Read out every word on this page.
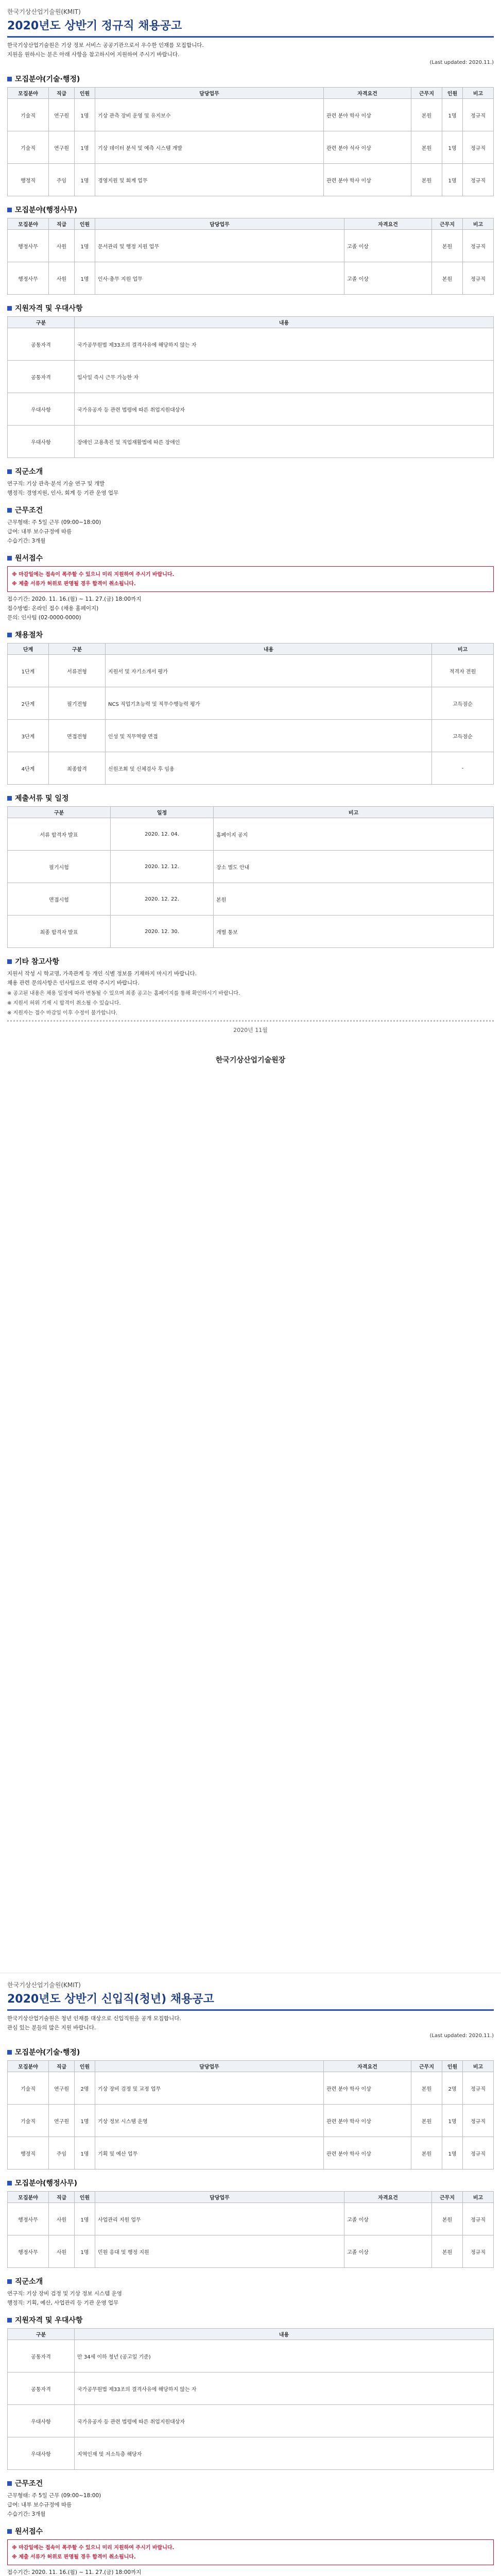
한국기상산업기술원(KMIT)
2020년도 상반기 정규직 채용공고

한국기상산업기술원은 기상 정보 서비스 공공기관으로서 우수한 인재를 모집합니다.

지원을 원하시는 분은 아래 사항을 참고하시어 지원하여 주시기 바랍니다.

(Last updated: 2020.11.)
모집분야(기술·행정)
모집분야	직급	인원	담당업무	자격요건	근무지	인원	비고
기술직	연구원	1명	기상 관측 장비 운영 및 유지보수	관련 분야 학사 이상	본원	1명	정규직
기술직	연구원	1명	기상 데이터 분석 및 예측 시스템 개발	관련 분야 석사 이상	본원	1명	정규직
행정직	주임	1명	경영지원 및 회계 업무	관련 분야 학사 이상	본원	1명	정규직
모집분야(행정사무)
모집분야	직급	인원	담당업무	자격요건	근무지	비고
행정사무	사원	1명	문서관리 및 행정 지원 업무	고졸 이상	본원	정규직
행정사무	사원	1명	인사·총무 지원 업무	고졸 이상	본원	정규직
지원자격 및 우대사항
구분	내용
공통자격	국가공무원법 제33조의 결격사유에 해당하지 않는 자
공통자격	입사일 즉시 근무 가능한 자
우대사항	국가유공자 등 관련 법령에 따른 취업지원대상자
우대사항	장애인 고용촉진 및 직업재활법에 따른 장애인
직군소개

연구직: 기상 관측·분석 기술 연구 및 개발

행정직: 경영지원, 인사, 회계 등 기관 운영 업무

근무조건

근무형태: 주 5일 근무 (09:00~18:00)

급여: 내부 보수규정에 따름

수습기간: 3개월

원서접수

※ 마감일에는 접속이 폭주할 수 있으니 미리 지원하여 주시기 바랍니다.

※ 제출 서류가 허위로 판명될 경우 합격이 취소됩니다.

접수기간: 2020. 11. 16.(월) ~ 11. 27.(금) 18:00까지

접수방법: 온라인 접수 (채용 홈페이지)

문의: 인사팀 (02-0000-0000)

채용절차
단계	구분	내용	비고
1단계	서류전형	지원서 및 자기소개서 평가	적격자 전원
2단계	필기전형	NCS 직업기초능력 및 직무수행능력 평가	고득점순
3단계	면접전형	인성 및 직무역량 면접	고득점순
4단계	최종합격	신원조회 및 신체검사 후 임용	-
제출서류 및 일정
구분	일정	비고
서류 합격자 발표	2020. 12. 04.	홈페이지 공지
필기시험	2020. 12. 12.	장소 별도 안내
면접시험	2020. 12. 22.	본원
최종 합격자 발표	2020. 12. 30.	개별 통보
기타 참고사항

지원서 작성 시 학교명, 가족관계 등 개인 식별 정보를 기재하지 마시기 바랍니다.

채용 관련 문의사항은 인사팀으로 연락 주시기 바랍니다.

※ 공고된 내용은 채용 일정에 따라 변동될 수 있으며 최종 공고는 홈페이지를 통해 확인하시기 바랍니다.

※ 지원서 허위 기재 시 합격이 취소될 수 있습니다.

※ 지원자는 접수 마감일 이후 수정이 불가합니다.

2020년 11월
한국기상산업기술원장
한국기상산업기술원(KMIT)
2020년도 상반기 신입직(청년) 채용공고

한국기상산업기술원은 청년 인재를 대상으로 신입직원을 공개 모집합니다.

관심 있는 분들의 많은 지원 바랍니다.

(Last updated: 2020.11.)
모집분야(기술·행정)
모집분야	직급	인원	담당업무	자격요건	근무지	인원	비고
기술직	연구원	2명	기상 장비 검정 및 교정 업무	관련 분야 학사 이상	본원	2명	정규직
기술직	연구원	1명	기상 정보 시스템 운영	관련 분야 학사 이상	본원	1명	정규직
행정직	주임	1명	기획 및 예산 업무	관련 분야 학사 이상	본원	1명	정규직
모집분야(행정사무)
모집분야	직급	인원	담당업무	자격요건	근무지	비고
행정사무	사원	1명	사업관리 지원 업무	고졸 이상	본원	정규직
행정사무	사원	1명	민원 응대 및 행정 지원	고졸 이상	본원	정규직
직군소개

연구직: 기상 장비 검정 및 기상 정보 시스템 운영

행정직: 기획, 예산, 사업관리 등 기관 운영 업무

지원자격 및 우대사항
구분	내용
공통자격	만 34세 이하 청년 (공고일 기준)
공통자격	국가공무원법 제33조의 결격사유에 해당하지 않는 자
우대사항	국가유공자 등 관련 법령에 따른 취업지원대상자
우대사항	지역인재 및 저소득층 해당자
근무조건

근무형태: 주 5일 근무 (09:00~18:00)

급여: 내부 보수규정에 따름

수습기간: 3개월

원서접수

※ 마감일에는 접속이 폭주할 수 있으니 미리 지원하여 주시기 바랍니다.

※ 제출 서류가 허위로 판명될 경우 합격이 취소됩니다.

접수기간: 2020. 11. 16.(월) ~ 11. 27.(금) 18:00까지
